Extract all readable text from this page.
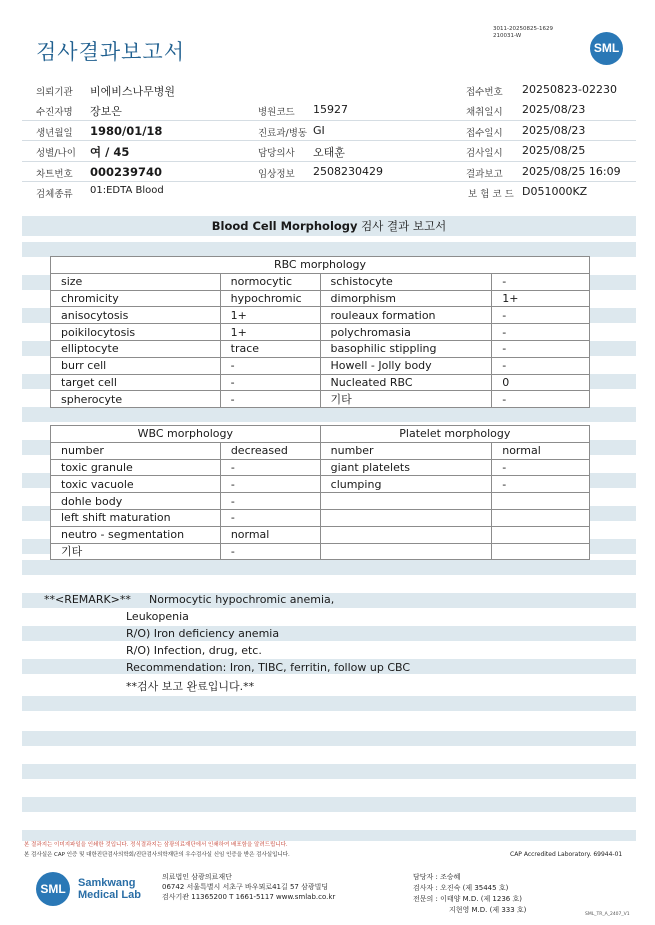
검사결과보고서
3011-20250825-1629
210031-W
SML
의뢰기관 비에비스나무병원	접수번호 20250823-02230
수진자명 장보은	병원코드 15927	채취일시 2025/08/23
생년월일 1980/01/18	진료과/병동 GI	접수일시 2025/08/23
성별/나이 여 / 45	담당의사 오태훈	검사일시 2025/08/25
차트번호 000239740	임상정보 2508230429	결과보고 2025/08/25 16:09
검체종류 01:EDTA Blood	보 험 코 드 D051000KZ
Blood Cell Morphology 검사 결과 보고서
RBC morphology			
size	normocytic	schistocyte	-
chromicity	hypochromic	dimorphism	1+
anisocytosis	1+	rouleaux formation	-
poikilocytosis	1+	polychromasia	-
elliptocyte	trace	basophilic stippling	-
burr cell	-	Howell - Jolly body	-
target cell	-	Nucleated RBC	0
spherocyte	-	기타	-
WBC morphology		Platelet morphology	
number	decreased	number	normal
toxic granule	-	giant platelets	-
toxic vacuole	-	clumping	-
dohle body	-		
left shift maturation	-		
neutro - segmentation	normal		
기타	-		
**<REMARK>** Normocytic hypochromic anemia,
Leukopenia
R/O) Iron deficiency anemia
R/O) Infection, drug, etc.
Recommendation: Iron, TIBC, ferritin, follow up CBC
**검사 보고 완료입니다.**
본 결과지는 이미지파일을 인쇄한 것입니다. 정식결과지는 삼광의료재단에서 인쇄하여 배포함을 알려드립니다.
본 검사실은 CAP 인증 및 대한진단검사의학회/진단검사의학재단의 우수검사실 신임 인증을 받은 검사실입니다.	CAP Accredited Laboratory. 69944-01
SML	Samkwang
Medical Lab
의료법인 삼광의료재단
06742 서울특별시 서초구 바우뫼로41길 57 삼광빌딩
검사기관 11365200 T 1661-5117 www.smlab.co.kr
담당자 : 조승혜
검사자 : 오진숙 (제 35445 호)
전문의 : 이태양 M.D. (제 1236 호)
지현영 M.D. (제 333 호)
SML_TR_A_2407_V1
